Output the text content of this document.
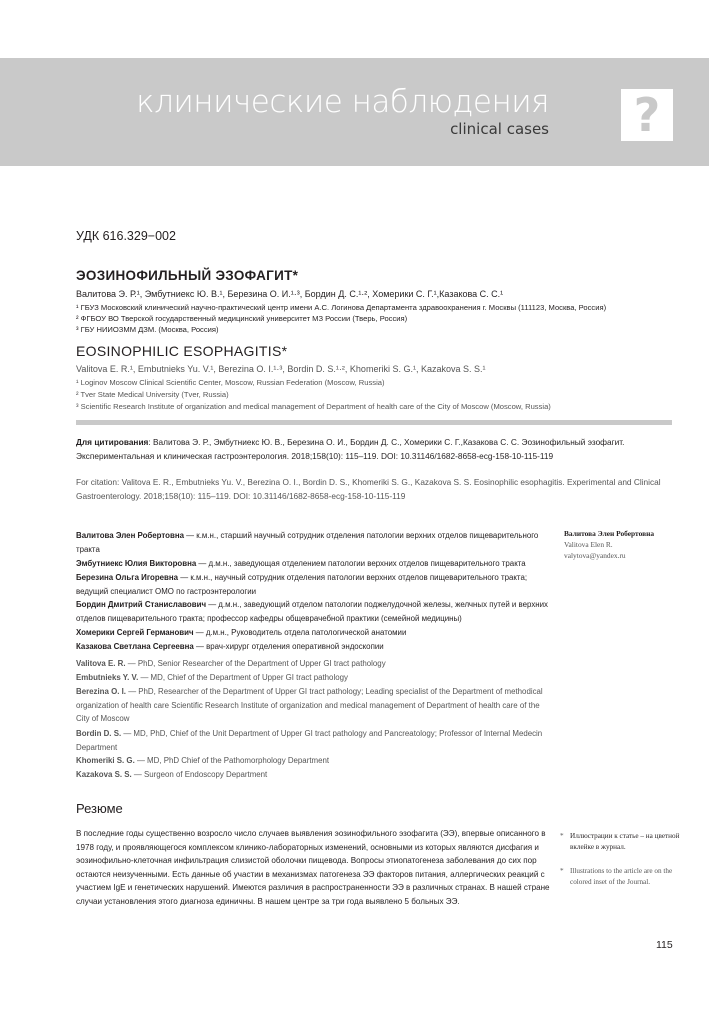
клинические наблюдения
clinical cases ?
УДК 616.329−002
ЭОЗИНОФИЛЬНЫЙ ЭЗОФАГИТ*
Валитова Э. Р.¹, Эмбутниекс Ю. В.¹, Березина О. И.¹·³, Бордин Д. С.¹·², Хомерики С. Г.¹,Казакова С. С.¹
¹ ГБУЗ Московский клинический научно-практический центр имени А.С. Логинова Департамента здравоохранения г. Москвы (111123, Москва, Россия)
² ФГБОУ ВО Тверской государственный медицинский университет МЗ России (Тверь, Россия)
³ ГБУ НИИОЗММ ДЗМ. (Москва, Россия)
EOSINOPHILIC ESOPHAGITIS*
Valitova E. R.¹, Embutnieks Yu. V.¹, Berezina O. I.¹·³, Bordin D. S.¹·², Khomeriki S. G.¹, Kazakova S. S.¹
¹ Loginov Moscow Clinical Scientific Center, Moscow, Russian Federation (Moscow, Russia)
² Tver State Medical University (Tver, Russia)
³ Scientific Research Institute of organization and medical management of Department of health care of the City of Moscow (Moscow, Russia)
Для цитирования: Валитова Э. Р., Эмбутниекс Ю. В., Березина О. И., Бордин Д. С., Хомерики С. Г.,Казакова С. С. Эозинофильный эзофагит. Экспериментальная и клиническая гастроэнтерология. 2018;158(10): 115–119. DOI: 10.31146/1682-8658-ecg-158-10-115-119
For citation: Valitova E. R., Embutnieks Yu. V., Berezina O. I., Bordin D. S., Khomeriki S. G., Kazakova S. S. Eosinophilic esophagitis. Experimental and Clinical Gastroenterology. 2018;158(10): 115–119. DOI: 10.31146/1682-8658-ecg-158-10-115-119
Валитова Элен Робертовна — к.м.н., старший научный сотрудник отделения патологии верхних отделов пищеварительного тракта
Эмбутниекс Юлия Викторовна — д.м.н., заведующая отделением патологии верхних отделов пищеварительного тракта
Березина Ольга Игоревна — к.м.н., научный сотрудник отделения патологии верхних отделов пищеварительного тракта; ведущий специалист ОМО по гастроэнтерологии
Бордин Дмитрий Станиславович — д.м.н., заведующий отделом патологии поджелудочной железы, желчных путей и верхних отделов пищеварительного тракта; профессор кафедры общеврачебной практики (семейной медицины)
Хомерики Сергей Германович — д.м.н., Руководитель отдела патологической анатомии
Казакова Светлана Сергеевна — врач-хирург отделения оперативной эндоскопии
Valitova E. R. — PhD, Senior Researcher of the Department of Upper GI tract pathology
Embutnieks Y. V. — MD, Chief of the Department of Upper GI tract pathology
Berezina O. I. — PhD, Researcher of the Department of Upper GI tract pathology; Leading specialist of the Department of methodical organization of health care Scientific Research Institute of organization and medical management of Department of health care of the City of Moscow
Bordin D. S. — MD, PhD, Chief of the Unit Department of Upper GI tract pathology and Pancreatology; Professor of Internal Medecin Department
Khomeriki S. G. — MD, PhD Chief of the Pathomorphology Department
Kazakova S. S. — Surgeon of Endoscopy Department
Валитова Элен Робертовна
Valitova Elen R.
valytova@yandex.ru
Резюме
В последние годы существенно возросло число случаев выявления эозинофильного эзофагита (ЭЭ), впервые описанного в 1978 году, и проявляющегося комплексом клинико-лабораторных изменений, основными из которых являются дисфагия и эозинофильно-клеточная инфильтрация слизистой оболочки пищевода. Вопросы этиопатогенеза заболевания до сих пор остаются неизученными. Есть данные об участии в механизмах патогенеза ЭЭ факторов питания, аллергических реакций с участием IgE и генетических нарушений. Имеются различия в распространенности ЭЭ в различных странах. В нашей стране случаи установления этого диагноза единичны. В нашем центре за три года выявлено 5 больных ЭЭ.
* Иллюстрации к статье – на цветной вклейке в журнал.
* Illustrations to the article are on the colored inset of the Journal.
115
